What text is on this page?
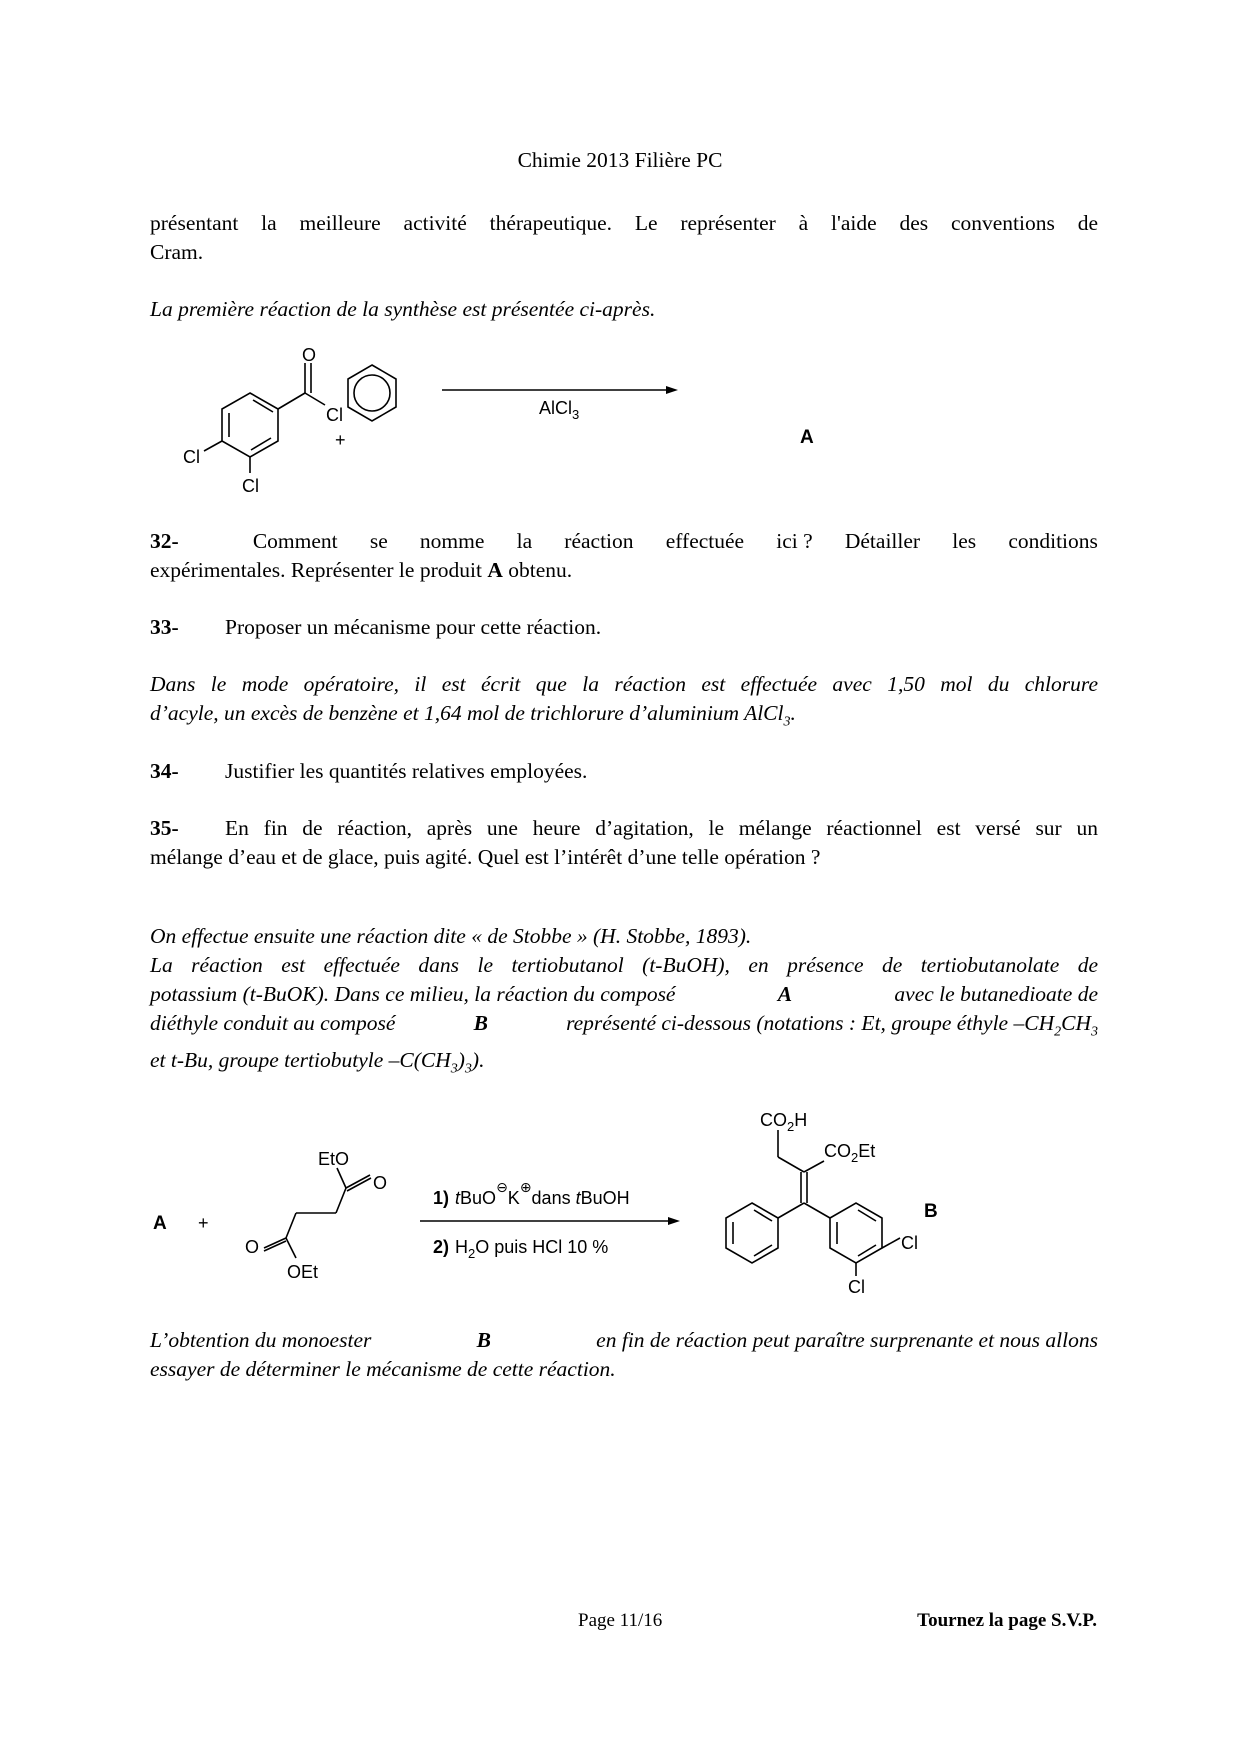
Chimie 2013 Filière PC
présentant la meilleure activité thérapeutique. Le représenter à l'aide des conventions de
Cram.
La première réaction de la synthèse est présentée ci-après.
O
Cl
Cl
Cl
+
AlCl$_3$
A
32-	Comment se nomme la réaction effectuée ici ? Détailler les conditions
expérimentales. Représenter le produit A obtenu.
33- Proposer un mécanisme pour cette réaction.
Dans le mode opératoire, il est écrit que la réaction est effectuée avec 1,50 mol du chlorure
d’acyle, un excès de benzène et 1,64 mol de trichlorure d’aluminium AlCl$_3$.
34- Justifier les quantités relatives employées.
35-	En fin de réaction, après une heure d’agitation, le mélange réactionnel est versé sur un
mélange d’eau et de glace, puis agité. Quel est l’intérêt d’une telle opération ?
On effectue ensuite une réaction dite « de Stobbe » (H. Stobbe, 1893).
La réaction est effectuée dans le tertiobutanol (t-BuOH), en présence de tertiobutanolate de
potassium (t-BuOK). Dans ce milieu, la réaction du composé	A	avec le butanedioate de
diéthyle conduit au composé	B	représenté ci-dessous (notations : Et, groupe éthyle $-CH_2CH_3$
et t-Bu, groupe tertiobutyle $-C(CH_3)_3$).
A +
EtO
O
O
OEt
1) tBuO⊖K⊕dans tBuOH
2) $H_2O$ puis HCl 10 %
$CO_2H$
$CO_2Et$
Cl
Cl
B
L’obtention du monoester	B	en fin de réaction peut paraître surprenante et nous allons
essayer de déterminer le mécanisme de cette réaction.
Page 11/16	Tournez la page S.V.P.
